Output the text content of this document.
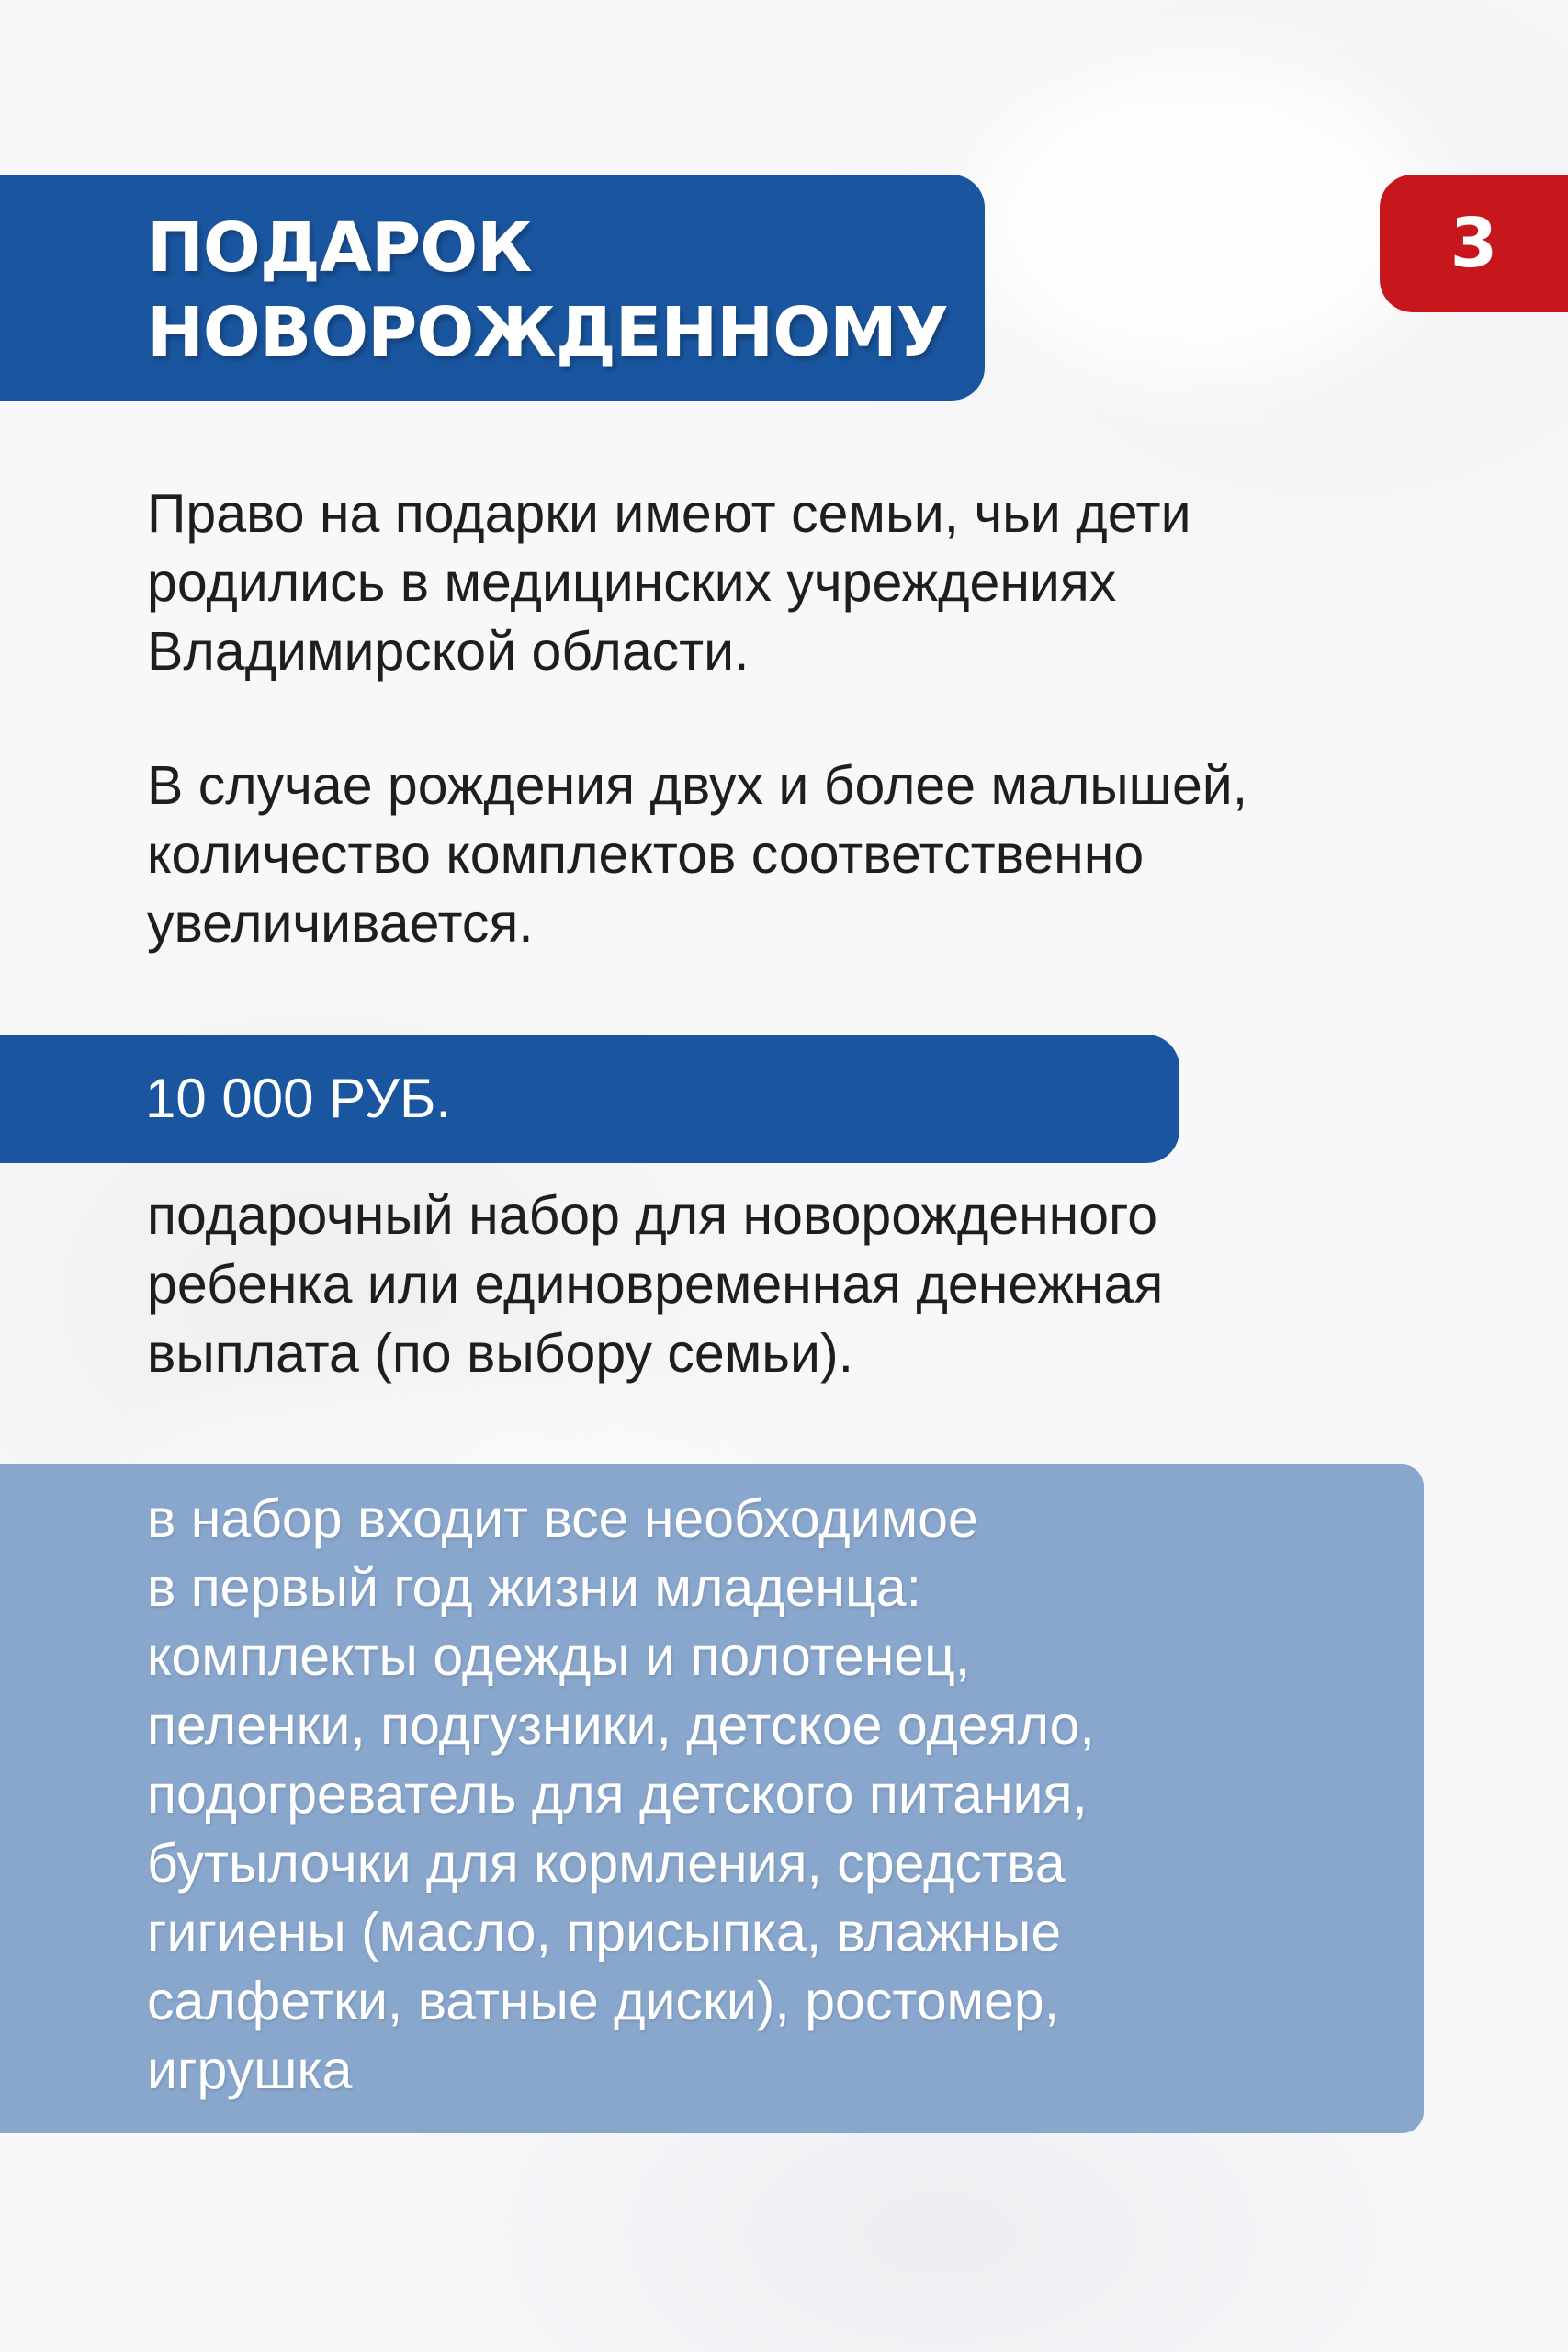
ПОДАРОК
НОВОРОЖДЕННОМУ
3
Право на подарки имеют семьи, чьи дети
родились в медицинских учреждениях
Владимирской области.
В случае рождения двух и более малышей,
количество комплектов соответственно
увеличивается.
10 000 РУБ.
подарочный набор для новорожденного
ребенка или единовременная денежная
выплата (по выбору семьи).
в набор входит все необходимое
в первый год жизни младенца:
комплекты одежды и полотенец,
пеленки, подгузники, детское одеяло,
подогреватель для детского питания,
бутылочки для кормления, средства
гигиены (масло, присыпка, влажные
салфетки, ватные диски), ростомер,
игрушка
